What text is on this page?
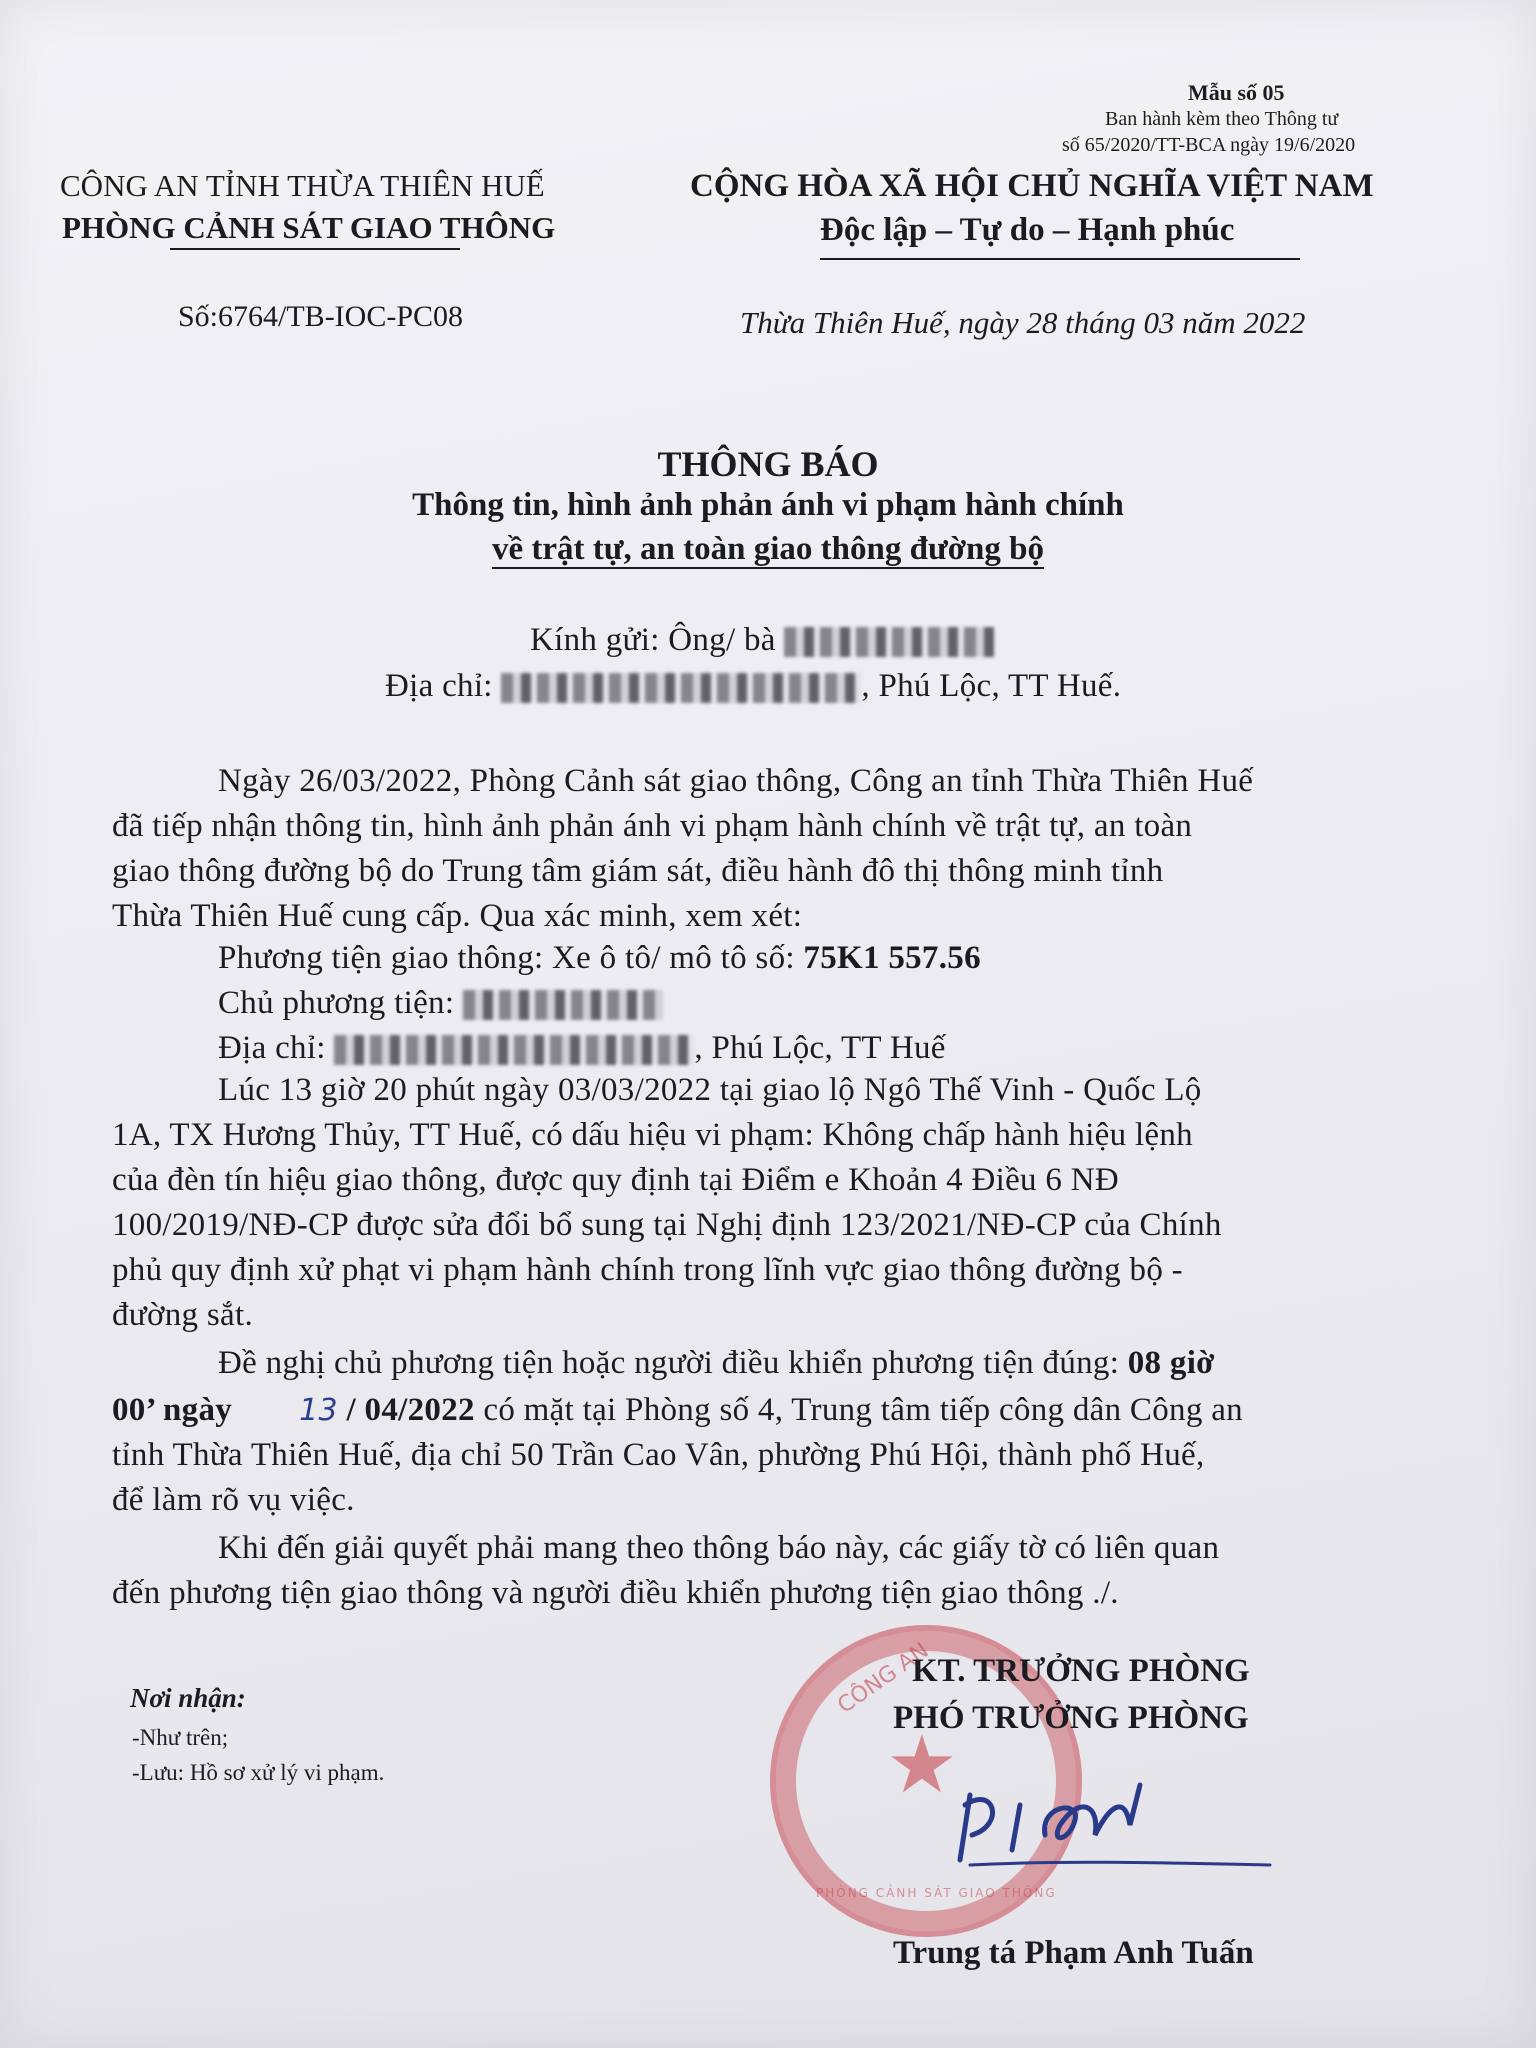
Mẫu số 05
Ban hành kèm theo Thông tư
số 65/2020/TT-BCA ngày 19/6/2020
CÔNG AN TỈNH THỪA THIÊN HUẾ
PHÒNG CẢNH SÁT GIAO THÔNG
Số:6764/TB-IOC-PC08
CỘNG HÒA XÃ HỘI CHỦ NGHĨA VIỆT NAM
Độc lập – Tự do – Hạnh phúc
Thừa Thiên Huế, ngày 28 tháng 03 năm 2022
THÔNG BÁO
Thông tin, hình ảnh phản ánh vi phạm hành chính
về trật tự, an toàn giao thông đường bộ
Kính gửi: Ông/ bà
Địa chỉ:	, Phú Lộc, TT Huế.
Ngày 26/03/2022, Phòng Cảnh sát giao thông, Công an tỉnh Thừa Thiên Huế
đã tiếp nhận thông tin, hình ảnh phản ánh vi phạm hành chính về trật tự, an toàn
giao thông đường bộ do Trung tâm giám sát, điều hành đô thị thông minh tỉnh
Thừa Thiên Huế cung cấp. Qua xác minh, xem xét:
Phương tiện giao thông: Xe ô tô/ mô tô số: 75K1 557.56
Chủ phương tiện:
Địa chỉ:	, Phú Lộc, TT Huế
Lúc 13 giờ 20 phút ngày 03/03/2022 tại giao lộ Ngô Thế Vinh - Quốc Lộ
1A, TX Hương Thủy, TT Huế, có dấu hiệu vi phạm: Không chấp hành hiệu lệnh
của đèn tín hiệu giao thông, được quy định tại Điểm e Khoản 4 Điều 6 NĐ
100/2019/NĐ-CP được sửa đổi bổ sung tại Nghị định 123/2021/NĐ-CP của Chính
phủ quy định xử phạt vi phạm hành chính trong lĩnh vực giao thông đường bộ -
đường sắt.
Đề nghị chủ phương tiện hoặc người điều khiển phương tiện đúng: 08 giờ
00’ ngày 13 / 04/2022 có mặt tại Phòng số 4, Trung tâm tiếp công dân Công an
tỉnh Thừa Thiên Huế, địa chỉ 50 Trần Cao Vân, phường Phú Hội, thành phố Huế,
để làm rõ vụ việc.
Khi đến giải quyết phải mang theo thông báo này, các giấy tờ có liên quan
đến phương tiện giao thông và người điều khiển phương tiện giao thông ./.
Nơi nhận:
-Như trên;
-Lưu: Hồ sơ xử lý vi phạm.
CÔNG AN
★
PHÒNG CẢNH SÁT GIAO THÔNG
KT. TRƯỞNG PHÒNG
PHÓ TRƯỞNG PHÒNG
Trung tá Phạm Anh Tuấn
